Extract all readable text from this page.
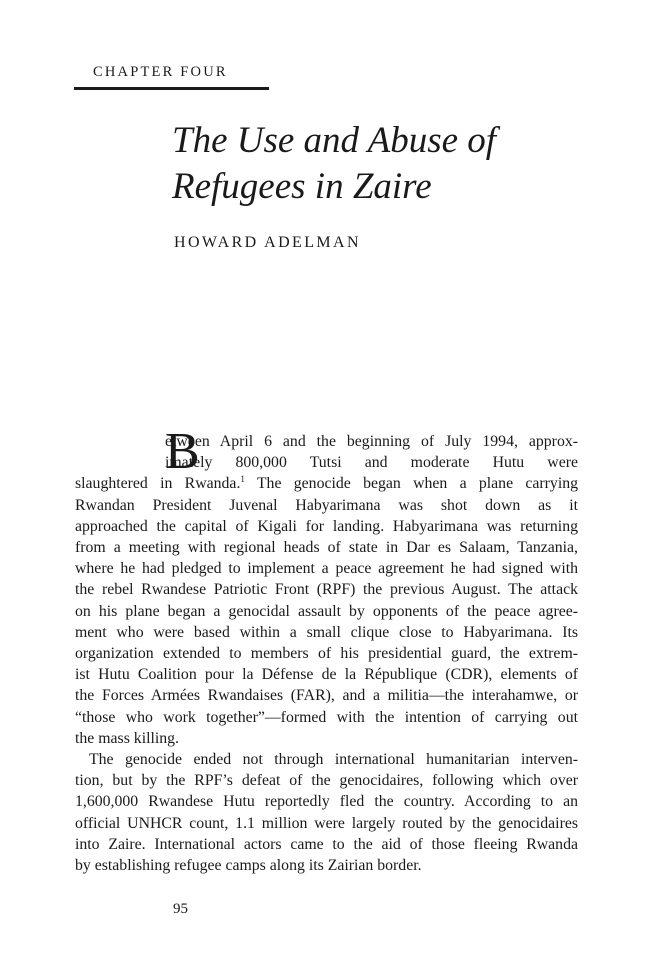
CHAPTER FOUR
The Use and Abuse of
Refugees in Zaire
HOWARD ADELMAN
B
etween April 6 and the beginning of July 1994, approx-
imately 800,000 Tutsi and moderate Hutu were
slaughtered in Rwanda.$^1$ The genocide began when a plane carrying
Rwandan President Juvenal Habyarimana was shot down as it
approached the capital of Kigali for landing. Habyarimana was returning
from a meeting with regional heads of state in Dar es Salaam, Tanzania,
where he had pledged to implement a peace agreement he had signed with
the rebel Rwandese Patriotic Front (RPF) the previous August. The attack
on his plane began a genocidal assault by opponents of the peace agree-
ment who were based within a small clique close to Habyarimana. Its
organization extended to members of his presidential guard, the extrem-
ist Hutu Coalition pour la Défense de la République (CDR), elements of
the Forces Armées Rwandaises (FAR), and a militia—the interahamwe, or
“those who work together”—formed with the intention of carrying out
the mass killing.
The genocide ended not through international humanitarian interven-
tion, but by the RPF’s defeat of the genocidaires, following which over
1,600,000 Rwandese Hutu reportedly fled the country. According to an
official UNHCR count, 1.1 million were largely routed by the genocidaires
into Zaire. International actors came to the aid of those fleeing Rwanda
by establishing refugee camps along its Zairian border.
95
